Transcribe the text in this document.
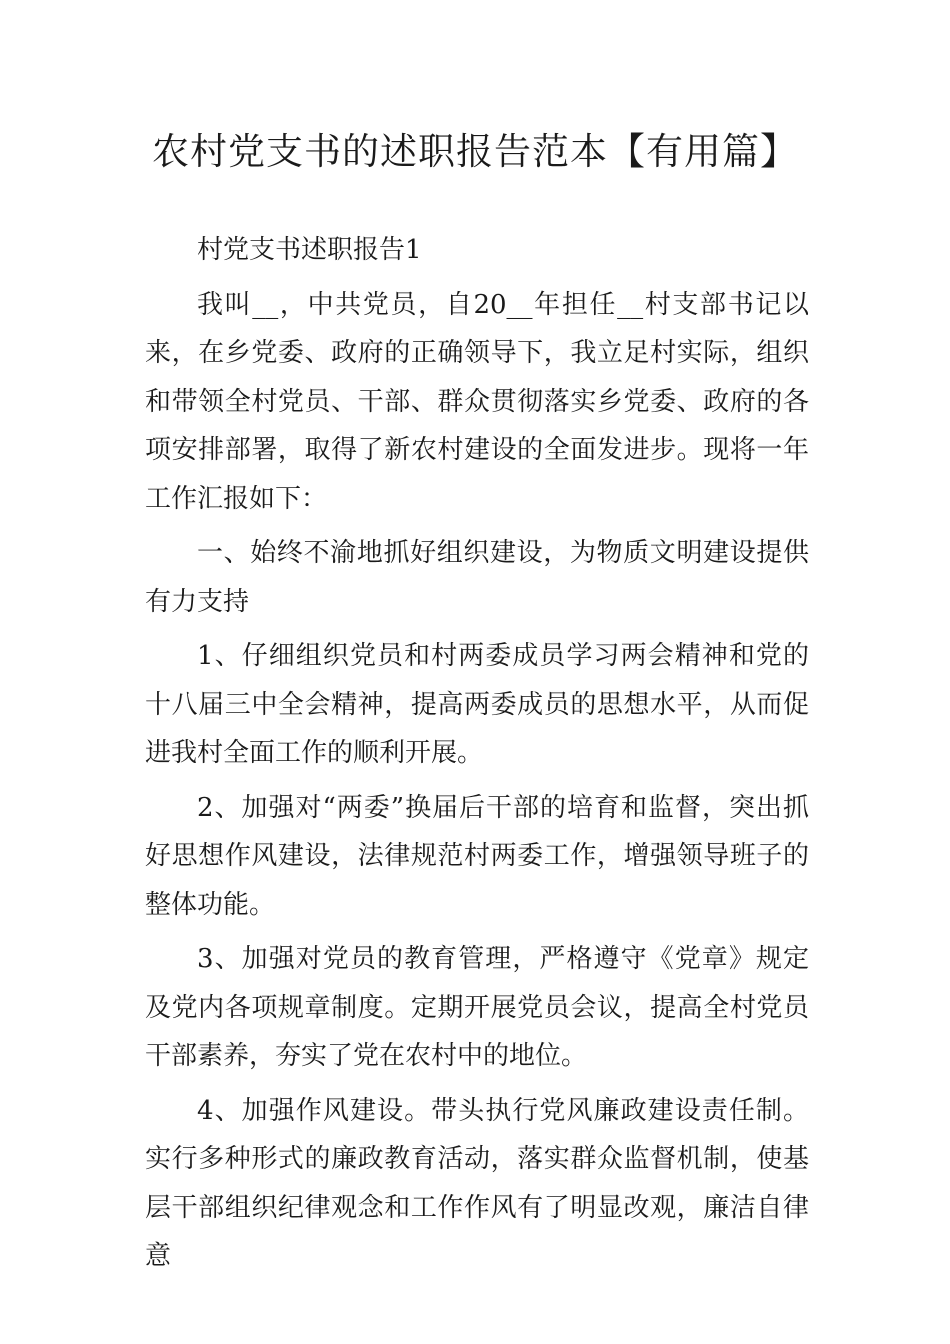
农村党支书的述职报告范本【有用篇】

村党支书述职报告1

我叫__，中共党员，自20__年担任__村支部书记以来，在乡党委、政府的正确领导下，我立足村实际，组织和带领全村党员、干部、群众贯彻落实乡党委、政府的各项安排部署，取得了新农村建设的全面发进步。现将一年工作汇报如下：

一、始终不渝地抓好组织建设，为物质文明建设提供有力支持

1、仔细组织党员和村两委成员学习两会精神和党的十八届三中全会精神，提高两委成员的思想水平，从而促进我村全面工作的顺利开展。

2、加强对“两委”换届后干部的培育和监督，突出抓好思想作风建设，法律规范村两委工作，增强领导班子的整体功能。

3、加强对党员的教育管理，严格遵守《党章》规定及党内各项规章制度。定期开展党员会议，提高全村党员干部素养，夯实了党在农村中的地位。

4、加强作风建设。带头执行党风廉政建设责任制。实行多种形式的廉政教育活动，落实群众监督机制，使基层干部组织纪律观念和工作作风有了明显改观，廉洁自律意
